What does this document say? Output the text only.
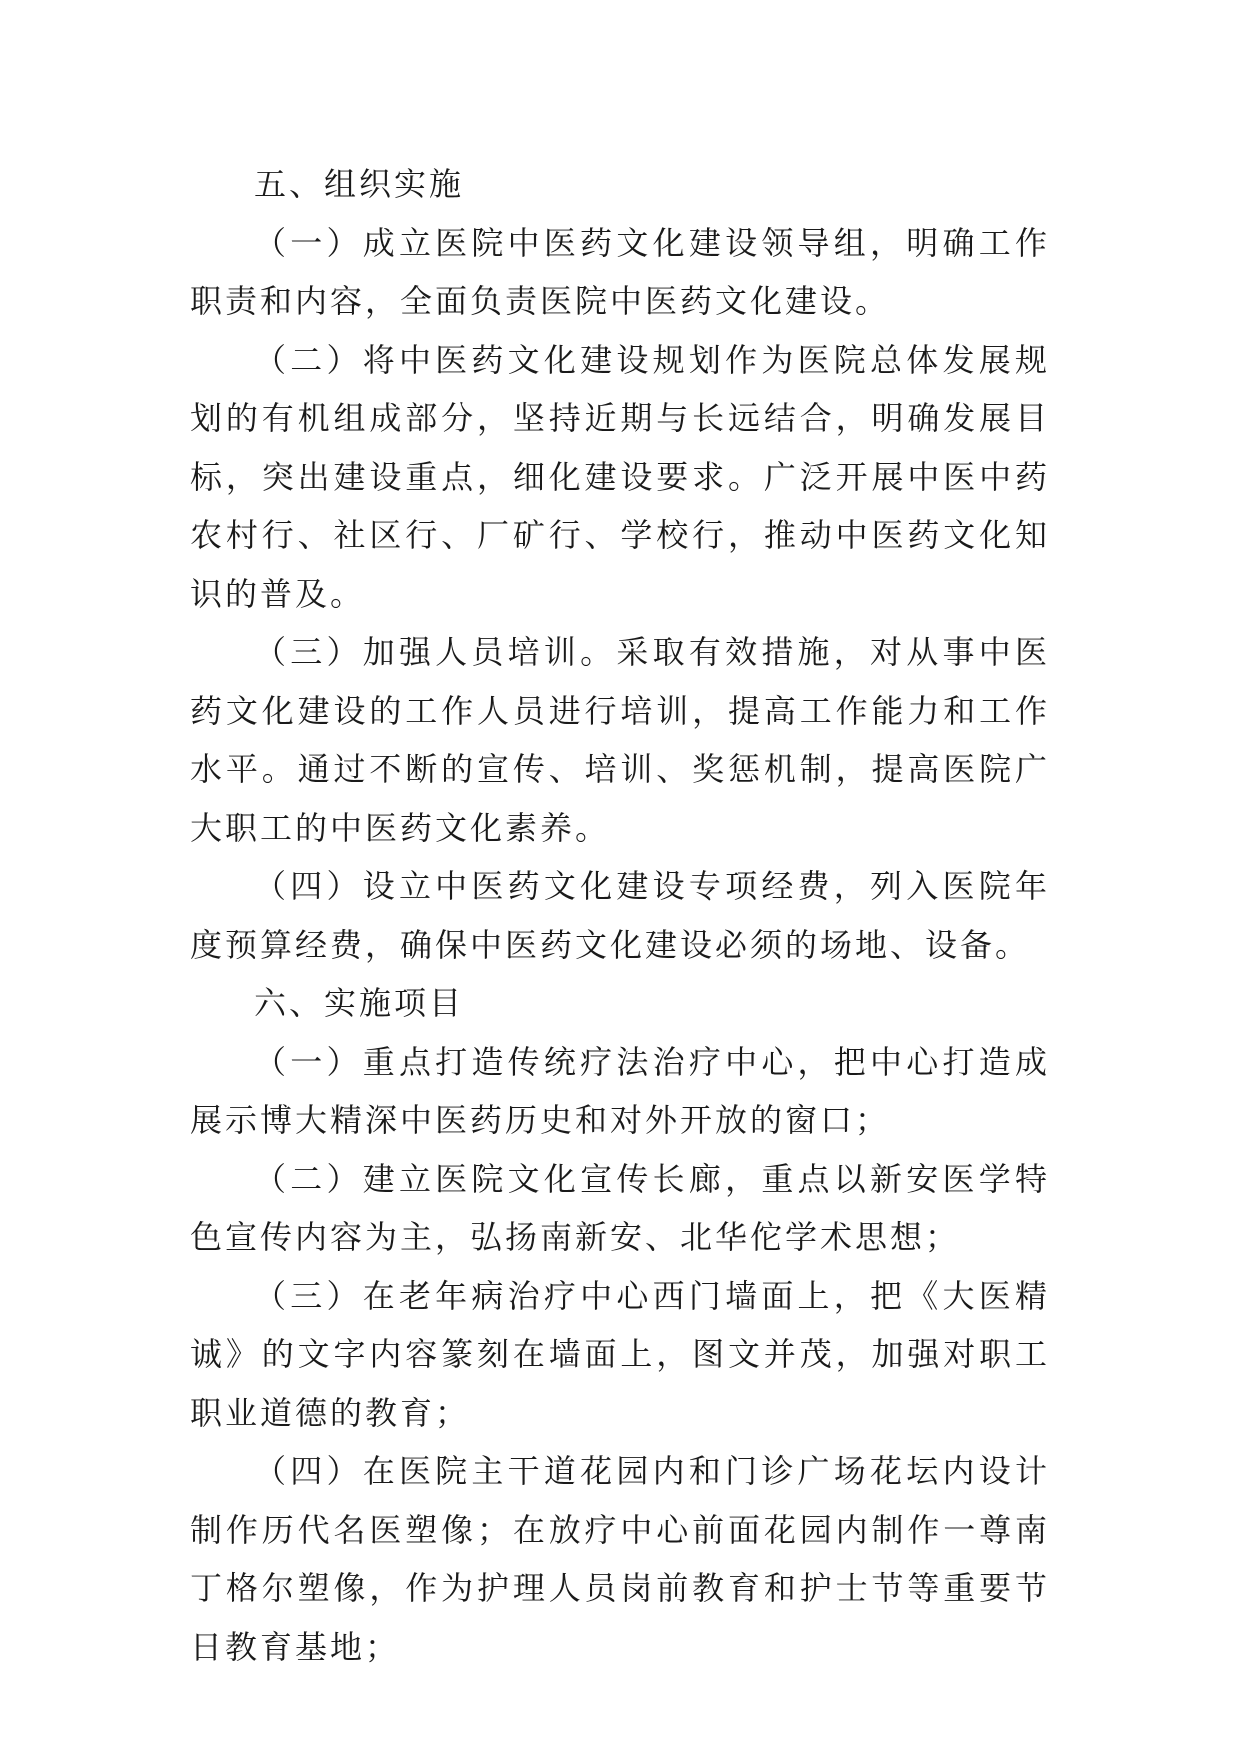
五、组织实施

（一）成立医院中医药文化建设领导组，明确工作职责和内容，全面负责医院中医药文化建设。

（二）将中医药文化建设规划作为医院总体发展规划的有机组成部分，坚持近期与长远结合，明确发展目标，突出建设重点，细化建设要求。广泛开展中医中药农村行、社区行、厂矿行、学校行，推动中医药文化知识的普及。

（三）加强人员培训。采取有效措施，对从事中医药文化建设的工作人员进行培训，提高工作能力和工作水平。通过不断的宣传、培训、奖惩机制，提高医院广大职工的中医药文化素养。

（四）设立中医药文化建设专项经费，列入医院年度预算经费，确保中医药文化建设必须的场地、设备。

六、实施项目

（一）重点打造传统疗法治疗中心，把中心打造成展示博大精深中医药历史和对外开放的窗口；

（二）建立医院文化宣传长廊，重点以新安医学特色宣传内容为主，弘扬南新安、北华佗学术思想；

（三）在老年病治疗中心西门墙面上，把《大医精诚》的文字内容篆刻在墙面上，图文并茂，加强对职工职业道德的教育；

（四）在医院主干道花园内和门诊广场花坛内设计制作历代名医塑像；在放疗中心前面花园内制作一尊南丁格尔塑像，作为护理人员岗前教育和护士节等重要节日教育基地；
